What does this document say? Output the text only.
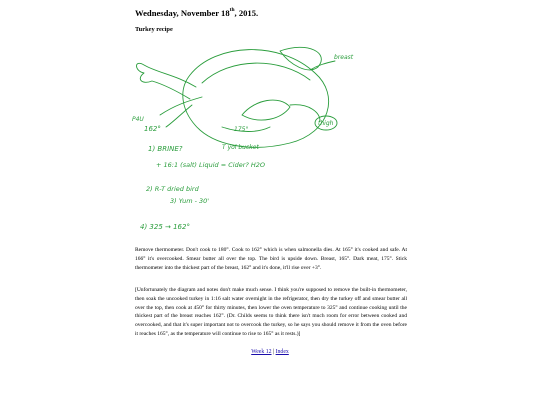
Wednesday, November 18th, 2015.
Turkey recipe
P4U
162°	175°
breast
thigh
1) BRINE?	T yol bucket
+ 16:1 (salt) Liquid = Cider? H2O
2) R-T dried bird
3) Yum - 30'
4) 325 → 162°

Remove thermometer. Don't cook to 180°. Cook to 162° which is when salmonella dies. At 165° it's cooked and safe. At 166° it's overcooked. Smear butter all over the top. The bird is upside down. Breast, 165°. Dark meat, 175°. Stick thermometer into the thickest part of the breast, 162° and it's done, it'll rise over +3°.

[Unfortunately the diagram and notes don't make much sense. I think you're supposed to remove the built-in thermometer, then soak the uncooked turkey in 1:16 salt water overnight in the refrigerator, then dry the turkey off and smear butter all over the top, then cook at 450° for thirty minutes, then lower the oven temperature to 325° and continue cooking until the thickest part of the breast reaches 162°. (Dr. Childs seems to think there isn't much room for error between cooked and overcooked, and that it's super important not to overcook the turkey, so he says you should remove it from the oven before it reaches 165°, as the temperature will continue to rise to 165° as it rests.)]

Week 12 | Index
